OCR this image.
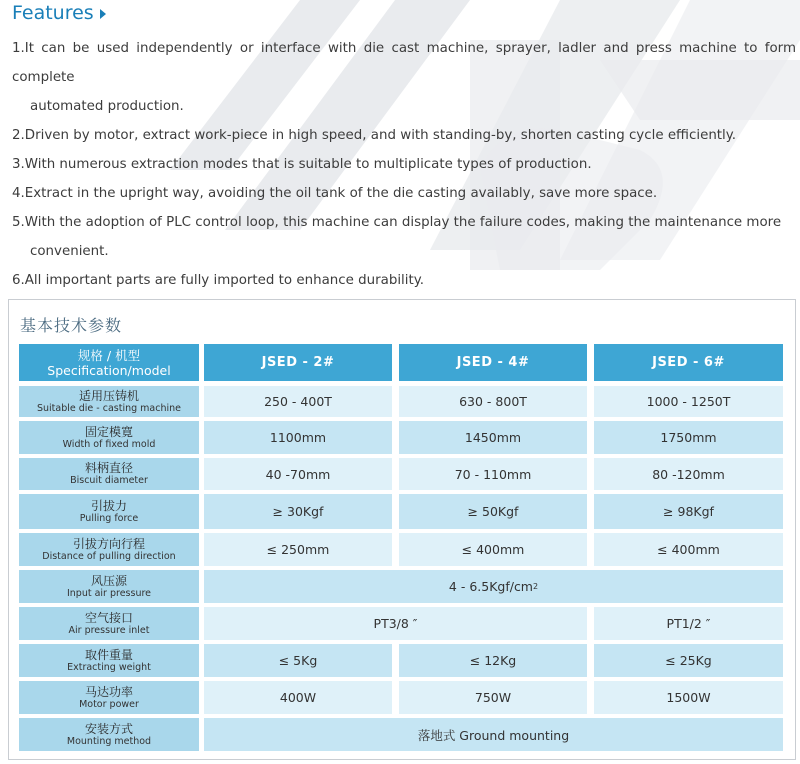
Features
1.It can be used independently or interface with die cast machine, sprayer, ladler and press machine to form complete
automated production.
2.Driven by motor, extract work-piece in high speed, and with standing-by, shorten casting cycle efficiently.
3.With numerous extraction modes that is suitable to multiplicate types of production.
4.Extract in the upright way, avoiding the oil tank of the die casting availably, save more space.
5.With the adoption of PLC control loop, this machine can display the failure codes, making the maintenance more
convenient.
6.All important parts are fully imported to enhance durability.
基本技术参数
规格 / 机型
Specification/model	JSED - 2#	JSED - 4#	JSED - 6#
适用压铸机
Suitable die - casting machine	250 - 400T	630 - 800T	1000 - 1250T
固定模寛
Width of fixed mold	1100mm	1450mm	1750mm
料柄直径
Biscuit diameter	40 -70mm	70 - 110mm	80 -120mm
引拔力
Pulling force	≥ 30Kgf	≥ 50Kgf	≥ 98Kgf
引拔方向行程
Distance of pulling direction	≤ 250mm	≤ 400mm	≤ 400mm
风压源
Input air pressure	4 - 6.5Kgf/cm 2
空气接口
Air pressure inlet	PT3/8 ″	PT1/2 ″
取件重量
Extracting weight	≤ 5Kg	≤ 12Kg	≤ 25Kg
马达功率
Motor power	400W	750W	1500W
安装方式
Mounting method	落地式 Ground mounting
